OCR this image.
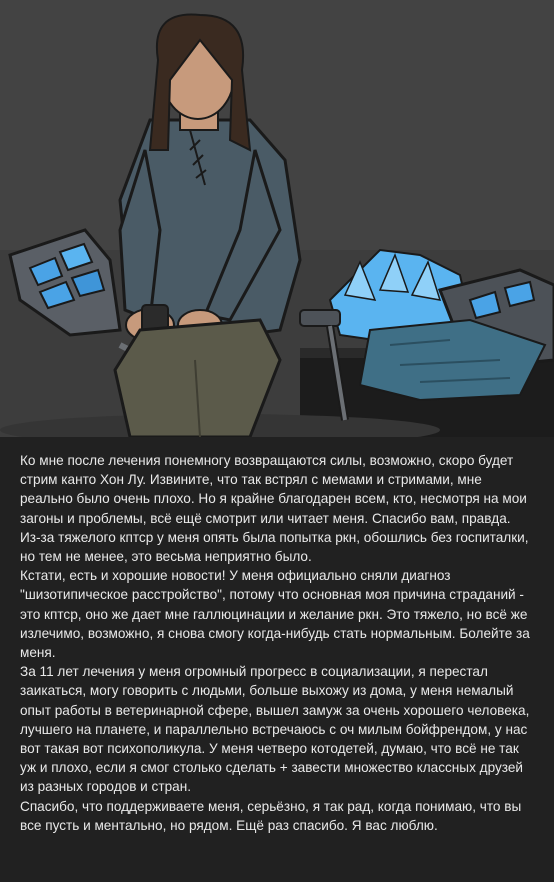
Ко мне после лечения понемногу возвращаются силы, возможно, скоро будет стрим канто Хон Лу. Извините, что так встрял с мемами и стримами, мне реально было очень плохо. Но я крайне благодарен всем, кто, несмотря на мои загоны и проблемы, всё ещё смотрит или читает меня. Спасибо вам, правда.

Из-за тяжелого кптср у меня опять была попытка ркн, обошлись без госпиталки, но тем не менее, это весьма неприятно было.

Кстати, есть и хорошие новости! У меня официально сняли диагноз "шизотипическое расстройство", потому что основная моя причина страданий - это кптср, оно же дает мне галлюцинации и желание ркн. Это тяжело, но всё же излечимо, возможно, я снова смогу когда-нибудь стать нормальным. Болейте за меня.

За 11 лет лечения у меня огромный прогресс в социализации, я перестал заикаться, могу говорить с людьми, больше выхожу из дома, у меня немалый опыт работы в ветеринарной сфере, вышел замуж за очень хорошего человека, лучшего на планете, и параллельно встречаюсь с оч милым бойфрендом, у нас вот такая вот психополикула. У меня четверо котодетей, думаю, что всё не так уж и плохо, если я смог столько сделать + завести множество классных друзей из разных городов и стран.

Спасибо, что поддерживаете меня, серьёзно, я так рад, когда понимаю, что вы все пусть и ментально, но рядом. Ещё раз спасибо. Я вас люблю.
